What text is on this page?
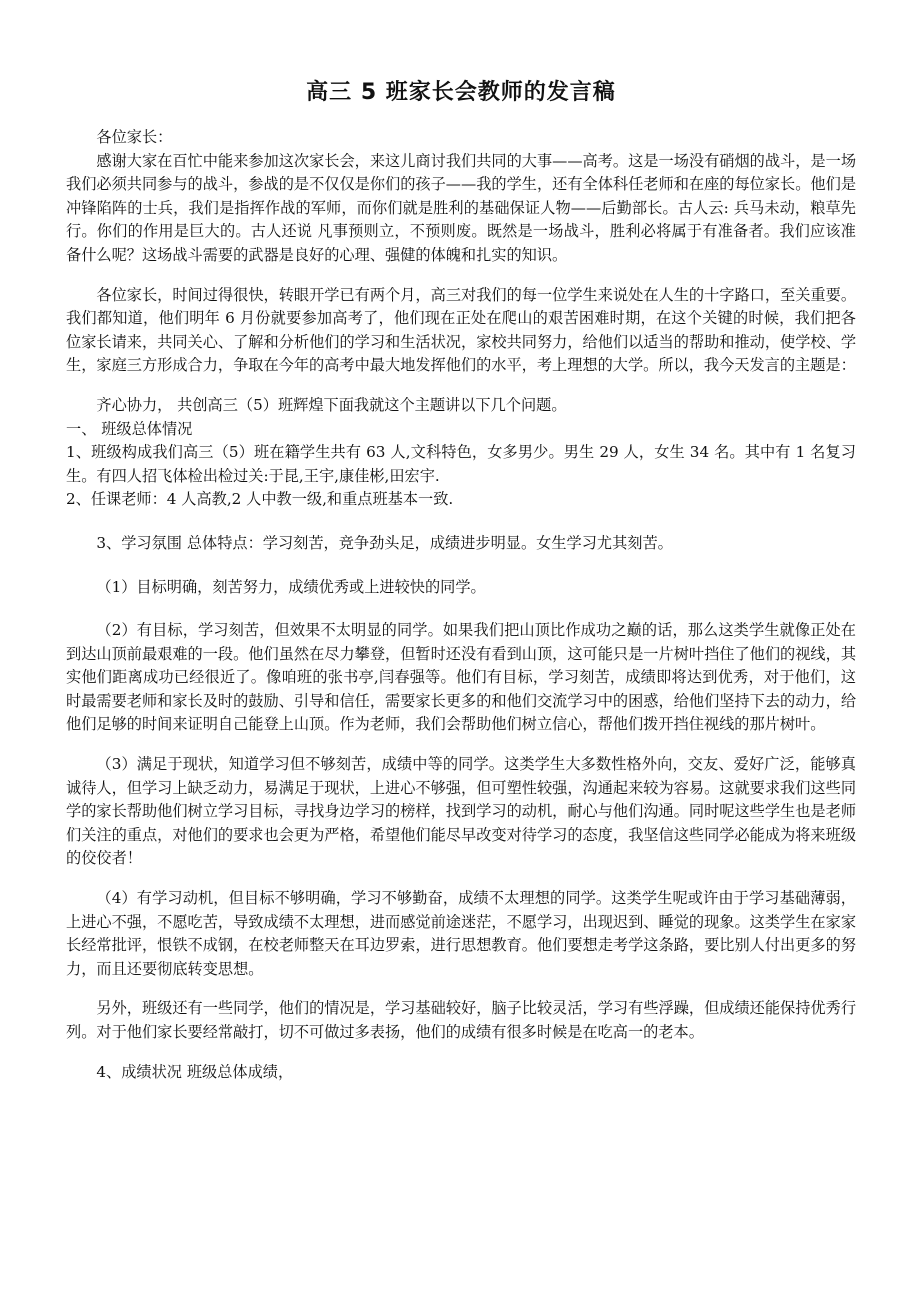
高三 5 班家长会教师的发言稿

各位家长：

感谢大家在百忙中能来参加这次家长会，来这儿商讨我们共同的大事——高考。这是一场没有硝烟的战斗，是一场我们必须共同参与的战斗，参战的是不仅仅是你们的孩子——我的学生，还有全体科任老师和在座的每位家长。他们是冲锋陷阵的士兵，我们是指挥作战的军师，而你们就是胜利的基础保证人物——后勤部长。古人云: 兵马未动，粮草先行。你们的作用是巨大的。古人还说 凡事预则立，不预则废。既然是一场战斗，胜利必将属于有准备者。我们应该准备什么呢？这场战斗需要的武器是良好的心理、强健的体魄和扎实的知识。

各位家长，时间过得很快，转眼开学已有两个月，高三对我们的每一位学生来说处在人生的十字路口，至关重要。我们都知道，他们明年 6 月份就要参加高考了，他们现在正处在爬山的艰苦困难时期，在这个关键的时候，我们把各位家长请来，共同关心、了解和分析他们的学习和生活状况，家校共同努力，给他们以适当的帮助和推动，使学校、学生，家庭三方形成合力，争取在今年的高考中最大地发挥他们的水平，考上理想的大学。所以，我今天发言的主题是：

齐心协力， 共创高三（5）班辉煌下面我就这个主题讲以下几个问题。

一、 班级总体情况

1、班级构成我们高三（5）班在籍学生共有 63 人,文科特色，女多男少。男生 29 人，女生 34 名。其中有 1 名复习生。有四人招飞体检出检过关:于昆,王宇,康佳彬,田宏宇.

2、任课老师：4 人高教,2 人中教一级,和重点班基本一致.

3、学习氛围 总体特点：学习刻苦，竞争劲头足，成绩进步明显。女生学习尤其刻苦。

（1）目标明确，刻苦努力，成绩优秀或上进较快的同学。

（2）有目标，学习刻苦，但效果不太明显的同学。如果我们把山顶比作成功之巅的话，那么这类学生就像正处在到达山顶前最艰难的一段。他们虽然在尽力攀登，但暂时还没有看到山顶，这可能只是一片树叶挡住了他们的视线，其实他们距离成功已经很近了。像咱班的张书亭,闫春强等。他们有目标，学习刻苦，成绩即将达到优秀，对于他们，这时最需要老师和家长及时的鼓励、引导和信任，需要家长更多的和他们交流学习中的困惑，给他们坚持下去的动力，给他们足够的时间来证明自己能登上山顶。作为老师，我们会帮助他们树立信心，帮他们拨开挡住视线的那片树叶。

（3）满足于现状，知道学习但不够刻苦，成绩中等的同学。这类学生大多数性格外向，交友、爱好广泛，能够真诚待人，但学习上缺乏动力，易满足于现状，上进心不够强，但可塑性较强，沟通起来较为容易。这就要求我们这些同学的家长帮助他们树立学习目标，寻找身边学习的榜样，找到学习的动机，耐心与他们沟通。同时呢这些学生也是老师们关注的重点，对他们的要求也会更为严格，希望他们能尽早改变对待学习的态度，我坚信这些同学必能成为将来班级的佼佼者！

（4）有学习动机，但目标不够明确，学习不够勤奋，成绩不太理想的同学。这类学生呢或许由于学习基础薄弱，上进心不强，不愿吃苦，导致成绩不太理想，进而感觉前途迷茫，不愿学习，出现迟到、睡觉的现象。这类学生在家家长经常批评，恨铁不成钢，在校老师整天在耳边罗索，进行思想教育。他们要想走考学这条路，要比别人付出更多的努力，而且还要彻底转变思想。

另外，班级还有一些同学，他们的情况是，学习基础较好，脑子比较灵活，学习有些浮躁，但成绩还能保持优秀行列。对于他们家长要经常敲打，切不可做过多表扬，他们的成绩有很多时候是在吃高一的老本。

4、成绩状况 班级总体成绩，
